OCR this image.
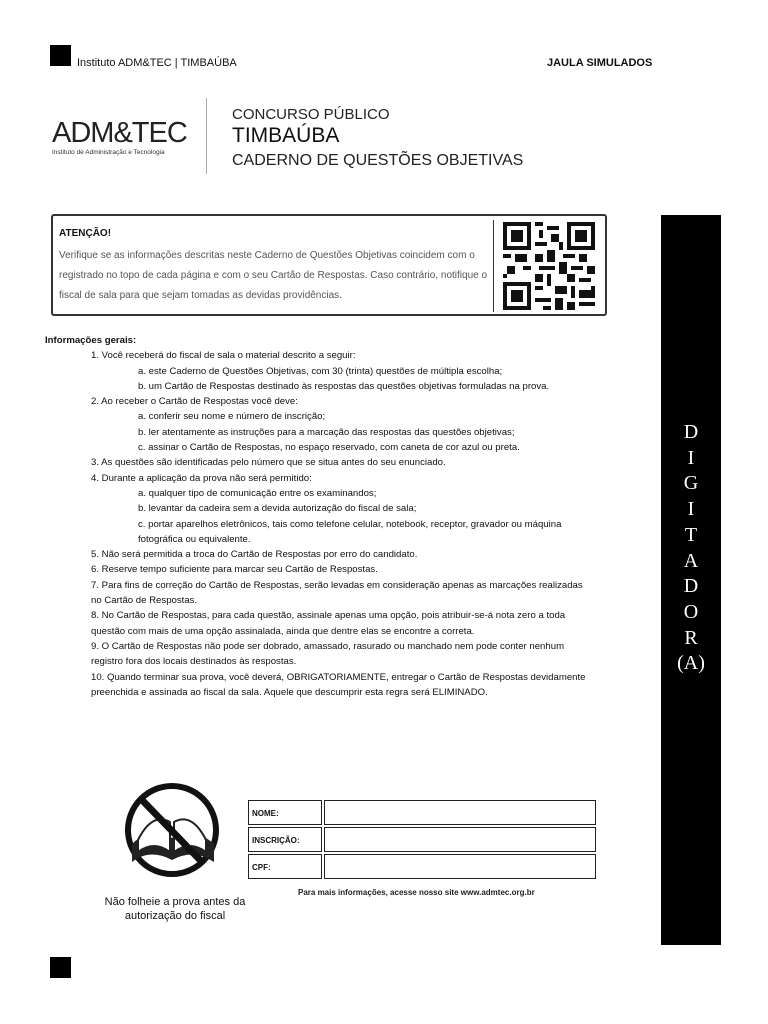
Instituto ADM&TEC | TIMBAÚBA	JAULA SIMULADOS
ADM&TEC
Instituto de Administração e Tecnologia
CONCURSO PÚBLICO
TIMBAÚBA
CADERNO DE QUESTÕES OBJETIVAS
ATENÇÃO!
Verifique se as informações descritas neste Caderno de Questões Objetivas coincidem com o registrado no topo de cada página e com o seu Cartão de Respostas. Caso contrário, notifique o fiscal de sala para que sejam tomadas as devidas providências.
D
I
G
I
T
A
D
O
R
(A)
Informações gerais:
1. Você receberá do fiscal de sala o material descrito a seguir:
a. este Caderno de Questões Objetivas, com 30 (trinta) questões de múltipla escolha;
b. um Cartão de Respostas destinado às respostas das questões objetivas formuladas na prova.
2. Ao receber o Cartão de Respostas você deve:
a. conferir seu nome e número de inscrição;
b. ler atentamente as instruções para a marcação das respostas das questões objetivas;
c. assinar o Cartão de Respostas, no espaço reservado, com caneta de cor azul ou preta.
3. As questões são identificadas pelo número que se situa antes do seu enunciado.
4. Durante a aplicação da prova não será permitido:
a. qualquer tipo de comunicação entre os examinandos;
b. levantar da cadeira sem a devida autorização do fiscal de sala;
c. portar aparelhos eletrônicos, tais como telefone celular, notebook, receptor, gravador ou máquina
fotográfica ou equivalente.
5. Não será permitida a troca do Cartão de Respostas por erro do candidato.
6. Reserve tempo suficiente para marcar seu Cartão de Respostas.
7. Para fins de correção do Cartão de Respostas, serão levadas em consideração apenas as marcações realizadas
no Cartão de Respostas.
8. No Cartão de Respostas, para cada questão, assinale apenas uma opção, pois atribuir-se-á nota zero a toda
questão com mais de uma opção assinalada, ainda que dentre elas se encontre a correta.
9. O Cartão de Respostas não pode ser dobrado, amassado, rasurado ou manchado nem pode conter nenhum
registro fora dos locais destinados às respostas.
10. Quando terminar sua prova, você deverá, OBRIGATORIAMENTE, entregar o Cartão de Respostas devidamente
preenchida e assinada ao fiscal da sala. Aquele que descumprir esta regra será ELIMINADO.
Não folheie a prova antes da
autorização do fiscal
NOME:
INSCRIÇÃO:
CPF:
Para mais informações, acesse nosso site www.admtec.org.br
